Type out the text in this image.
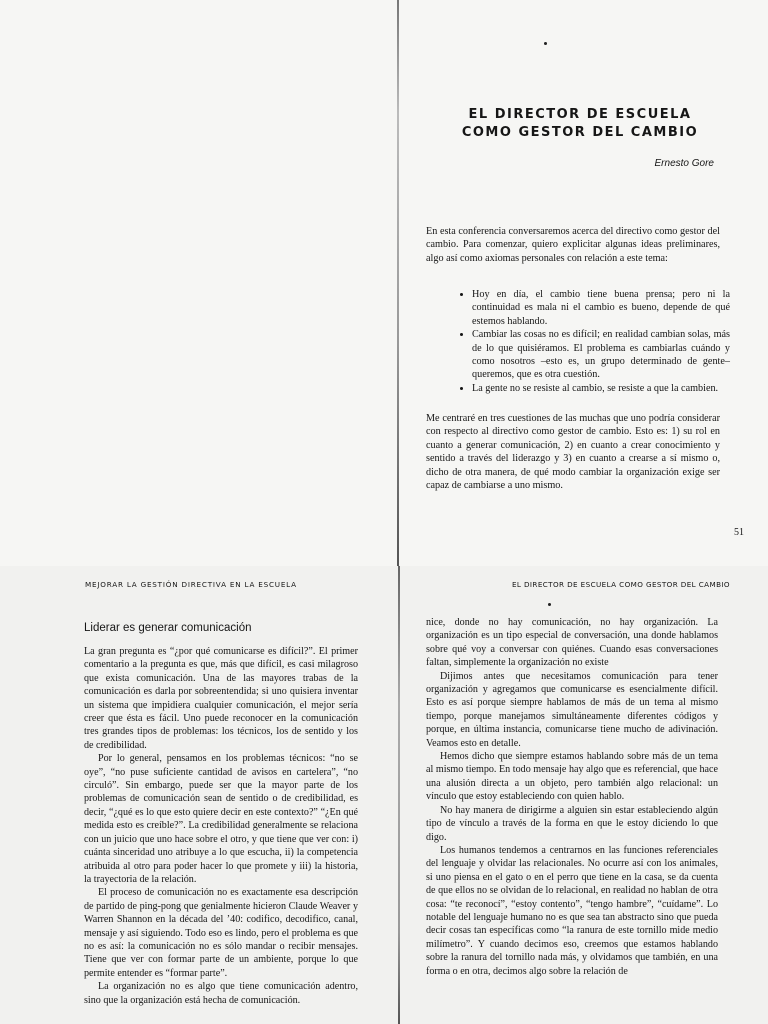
EL DIRECTOR DE ESCUELA
COMO GESTOR DEL CAMBIO
Ernesto Gore
En esta conferencia conversaremos acerca del directivo como gestor del cambio. Para comenzar, quiero explicitar algunas ideas preliminares, algo así como axiomas personales con relación a este tema:
• Hoy en día, el cambio tiene buena prensa; pero ni la continuidad es mala ni el cambio es bueno, depende de qué estemos hablando.
• Cambiar las cosas no es difícil; en realidad cambian solas, más de lo que quisiéramos. El problema es cambiarlas cuándo y como nosotros –esto es, un grupo determinado de gente– queremos, que es otra cuestión.
• La gente no se resiste al cambio, se resiste a que la cambien.
Me centraré en tres cuestiones de las muchas que uno podría considerar con respecto al directivo como gestor de cambio. Esto es: 1) su rol en cuanto a generar comunicación, 2) en cuanto a crear conocimiento y sentido a través del liderazgo y 3) en cuanto a crearse a sí mismo o, dicho de otra manera, de qué modo cambiar la organización exige ser capaz de cambiarse a uno mismo.
51
MEJORAR LA GESTIÓN DIRECTIVA EN LA ESCUELA	EL DIRECTOR DE ESCUELA COMO GESTOR DEL CAMBIO
Liderar es generar comunicación

La gran pregunta es “¿por qué comunicarse es difícil?”. El primer comentario a la pregunta es que, más que difícil, es casi milagroso que exista comunicación. Una de las mayores trabas de la comunicación es darla por sobreentendida; si uno quisiera inventar un sistema que impidiera cualquier comunicación, el mejor sería creer que ésta es fácil. Uno puede reconocer en la comunicación tres grandes tipos de problemas: los técnicos, los de sentido y los de credibilidad.

Por lo general, pensamos en los problemas técnicos: “no se oye”, “no puse suficiente cantidad de avisos en cartelera”, “no circuló”. Sin embargo, puede ser que la mayor parte de los problemas de comunicación sean de sentido o de credibilidad, es decir, “¿qué es lo que esto quiere decir en este contexto?” “¿En qué medida esto es creíble?”. La credibilidad generalmente se relaciona con un juicio que uno hace sobre el otro, y que tiene que ver con: i) cuánta sinceridad uno atribuye a lo que escucha, ii) la competencia atribuida al otro para poder hacer lo que promete y iii) la historia, la trayectoria de la relación.

El proceso de comunicación no es exactamente esa descripción de partido de ping-pong que genialmente hicieron Claude Weaver y Warren Shannon en la década del ’40: codifico, decodifico, canal, mensaje y así siguiendo. Todo eso es lindo, pero el problema es que no es así: la comunicación no es sólo mandar o recibir mensajes. Tiene que ver con formar parte de un ambiente, porque lo que permite entender es “formar parte”.

La organización no es algo que tiene comunicación adentro, sino que la organización está hecha de comunicación.

nice, donde no hay comunicación, no hay organización. La organización es un tipo especial de conversación, una donde hablamos sobre qué voy a conversar con quiénes. Cuando esas conversaciones faltan, simplemente la organización no existe

Dijimos antes que necesitamos comunicación para tener organización y agregamos que comunicarse es esencialmente difícil. Esto es así porque siempre hablamos de más de un tema al mismo tiempo, porque manejamos simultáneamente diferentes códigos y porque, en última instancia, comunicarse tiene mucho de adivinación. Veamos esto en detalle.

Hemos dicho que siempre estamos hablando sobre más de un tema al mismo tiempo. En todo mensaje hay algo que es referencial, que hace una alusión directa a un objeto, pero también algo relacional: un vínculo que estoy estableciendo con quien hablo.

No hay manera de dirigirme a alguien sin estar estableciendo algún tipo de vínculo a través de la forma en que le estoy diciendo lo que digo.

Los humanos tendemos a centrarnos en las funciones referenciales del lenguaje y olvidar las relacionales. No ocurre así con los animales, si uno piensa en el gato o en el perro que tiene en la casa, se da cuenta de que ellos no se olvidan de lo relacional, en realidad no hablan de otra cosa: “te reconocí”, “estoy contento”, “tengo hambre”, “cuídame”. Lo notable del lenguaje humano no es que sea tan abstracto sino que pueda decir cosas tan específicas como “la ranura de este tornillo mide medio milímetro”. Y cuando decimos eso, creemos que estamos hablando sobre la ranura del tornillo nada más, y olvidamos que también, en una forma o en otra, decimos algo sobre la relación de
